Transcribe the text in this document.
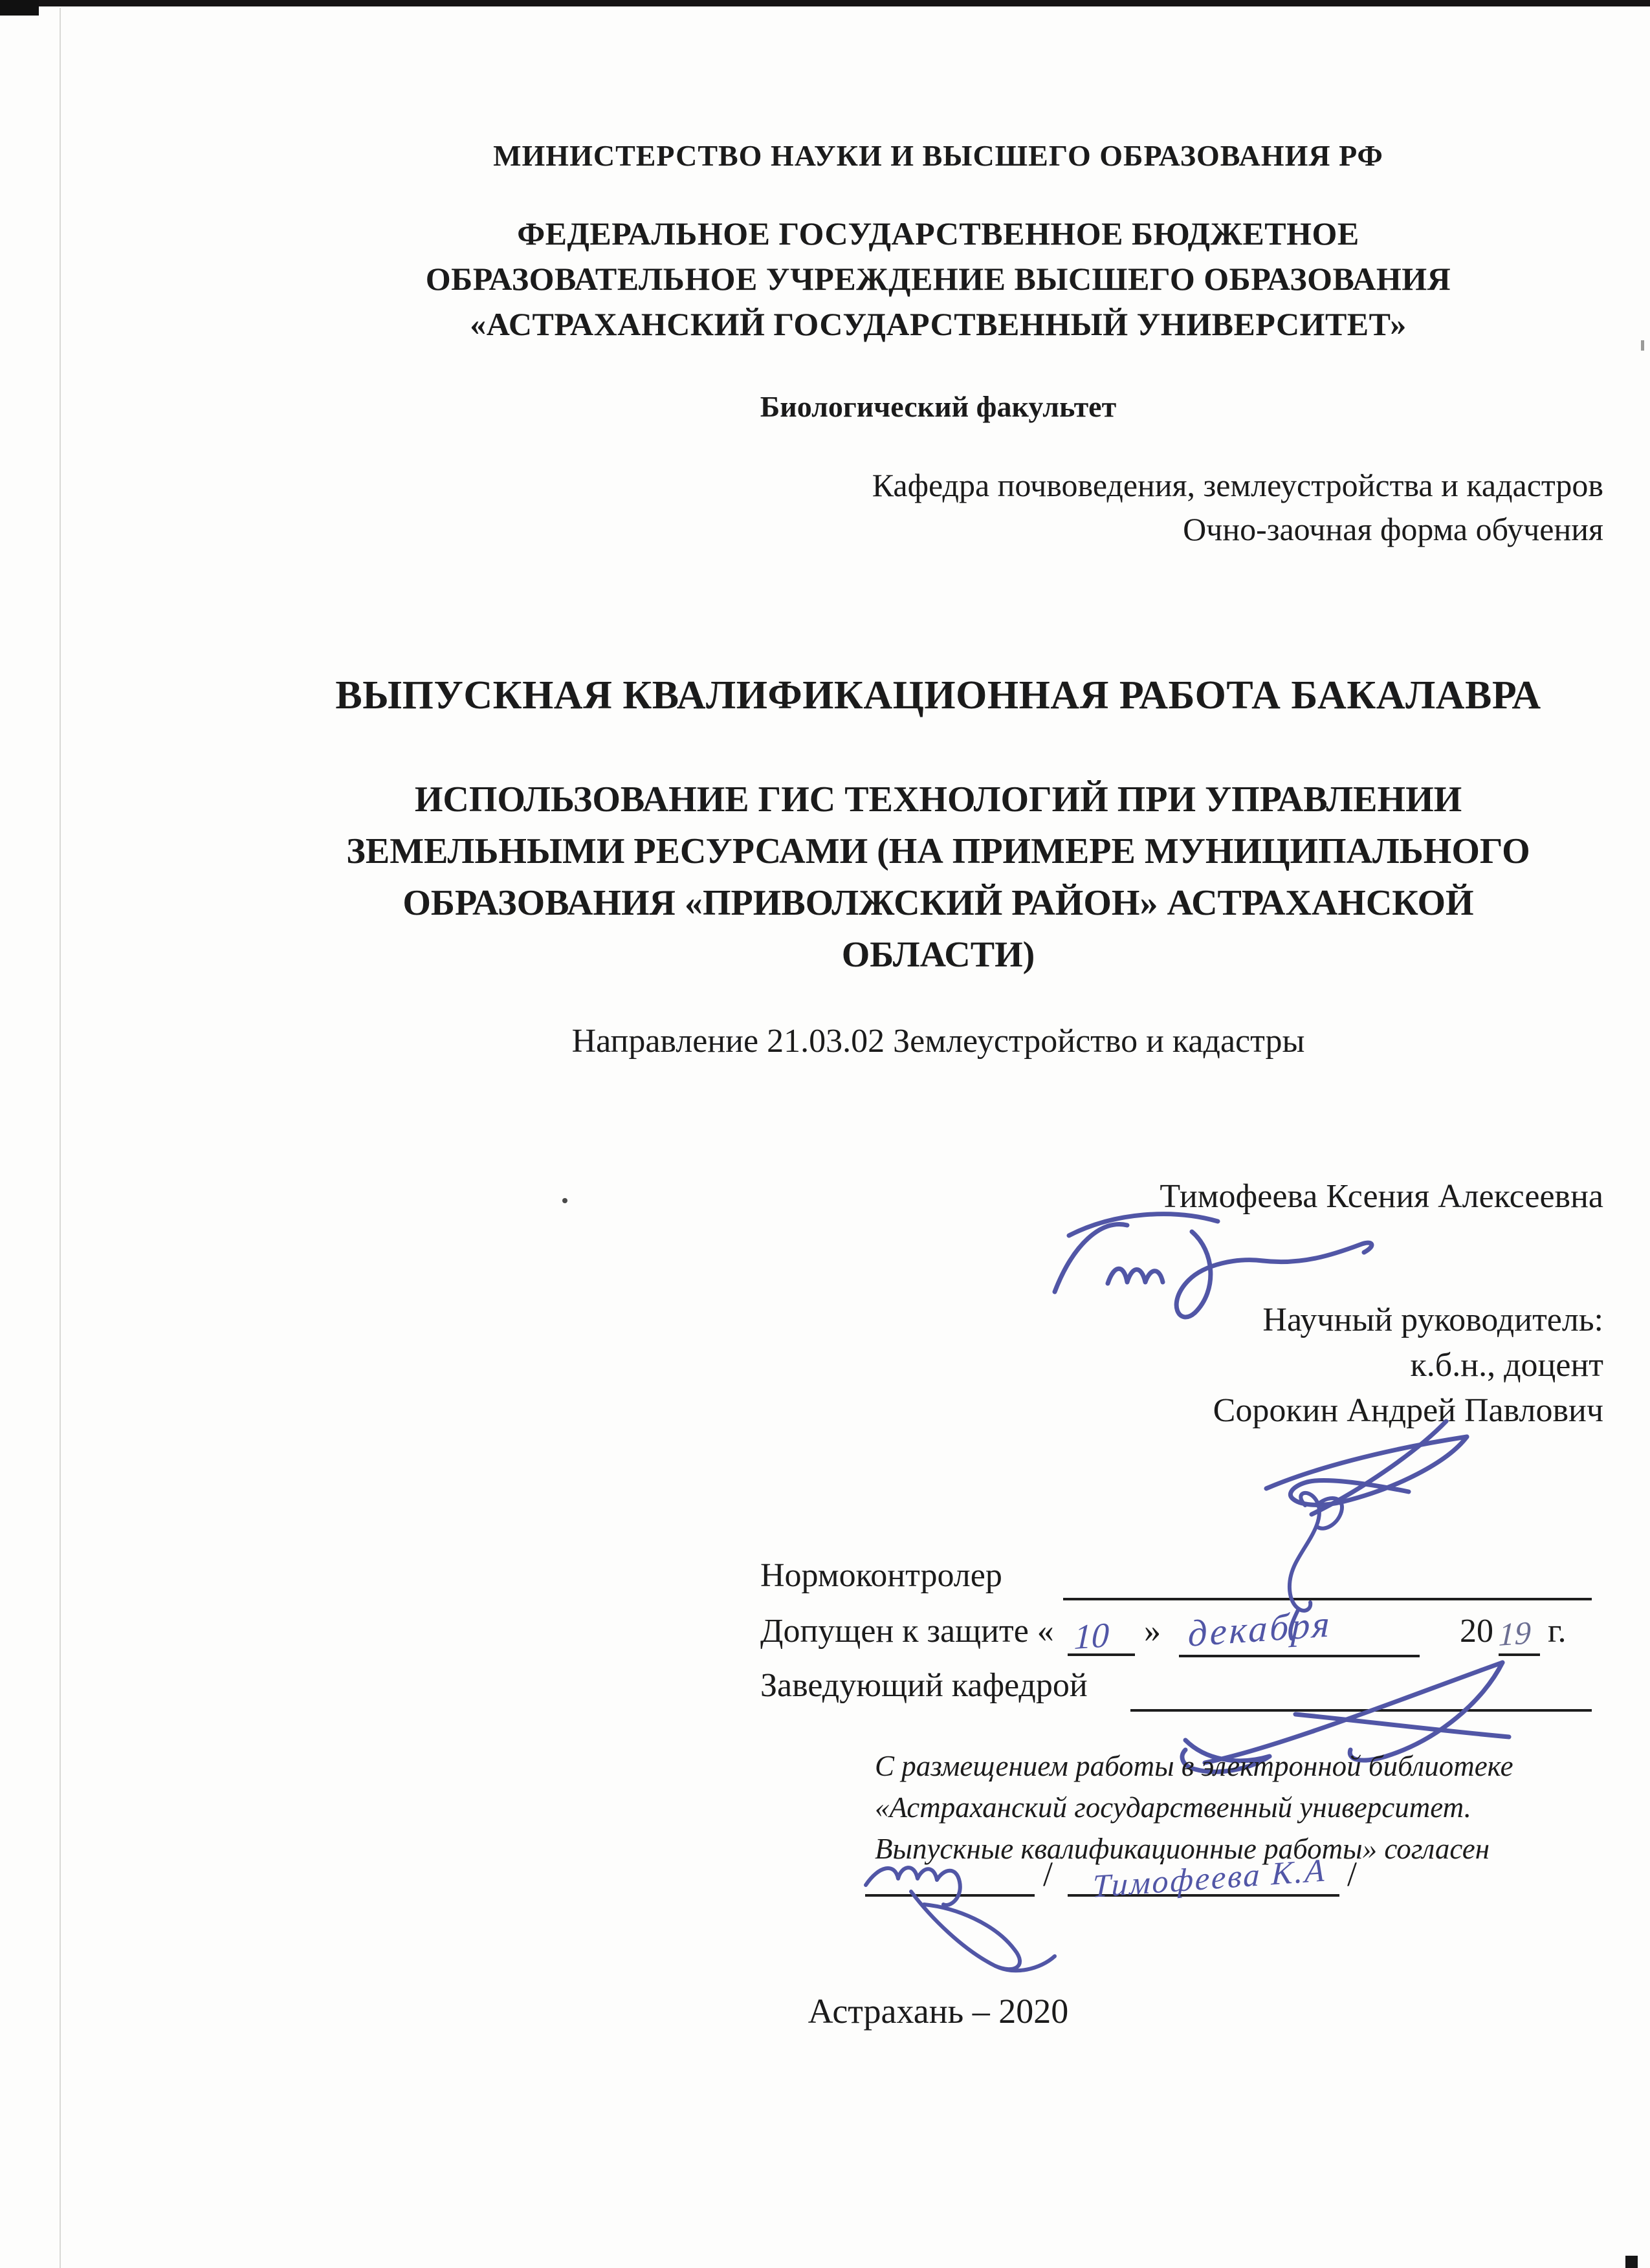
МИНИСТЕРСТВО НАУКИ И ВЫСШЕГО ОБРАЗОВАНИЯ РФ
ФЕДЕРАЛЬНОЕ ГОСУДАРСТВЕННОЕ БЮДЖЕТНОЕ
ОБРАЗОВАТЕЛЬНОЕ УЧРЕЖДЕНИЕ ВЫСШЕГО ОБРАЗОВАНИЯ
«АСТРАХАНСКИЙ ГОСУДАРСТВЕННЫЙ УНИВЕРСИТЕТ»
Биологический факультет
Кафедра почвоведения, землеустройства и кадастров
Очно-заочная форма обучения
ВЫПУСКНАЯ КВАЛИФИКАЦИОННАЯ РАБОТА БАКАЛАВРА
ИСПОЛЬЗОВАНИЕ ГИС ТЕХНОЛОГИЙ ПРИ УПРАВЛЕНИИ
ЗЕМЕЛЬНЫМИ РЕСУРСАМИ (НА ПРИМЕРЕ МУНИЦИПАЛЬНОГО
ОБРАЗОВАНИЯ «ПРИВОЛЖСКИЙ РАЙОН» АСТРАХАНСКОЙ
ОБЛАСТИ)
Направление 21.03.02 Землеустройство и кадастры
Тимофеева Ксения Алексеевна
Научный руководитель:
к.б.н., доцент
Сорокин Андрей Павлович
Нормоконтролер
Допущен к защите « 10 » декабря	20 19 г.
Заведующий кафедрой
С размещением работы в электронной библиотеке
«Астраханский государственный университет.
Выпускные квалификационные работы» согласен
/	/
Тимофеева К.А
Астрахань – 2020
